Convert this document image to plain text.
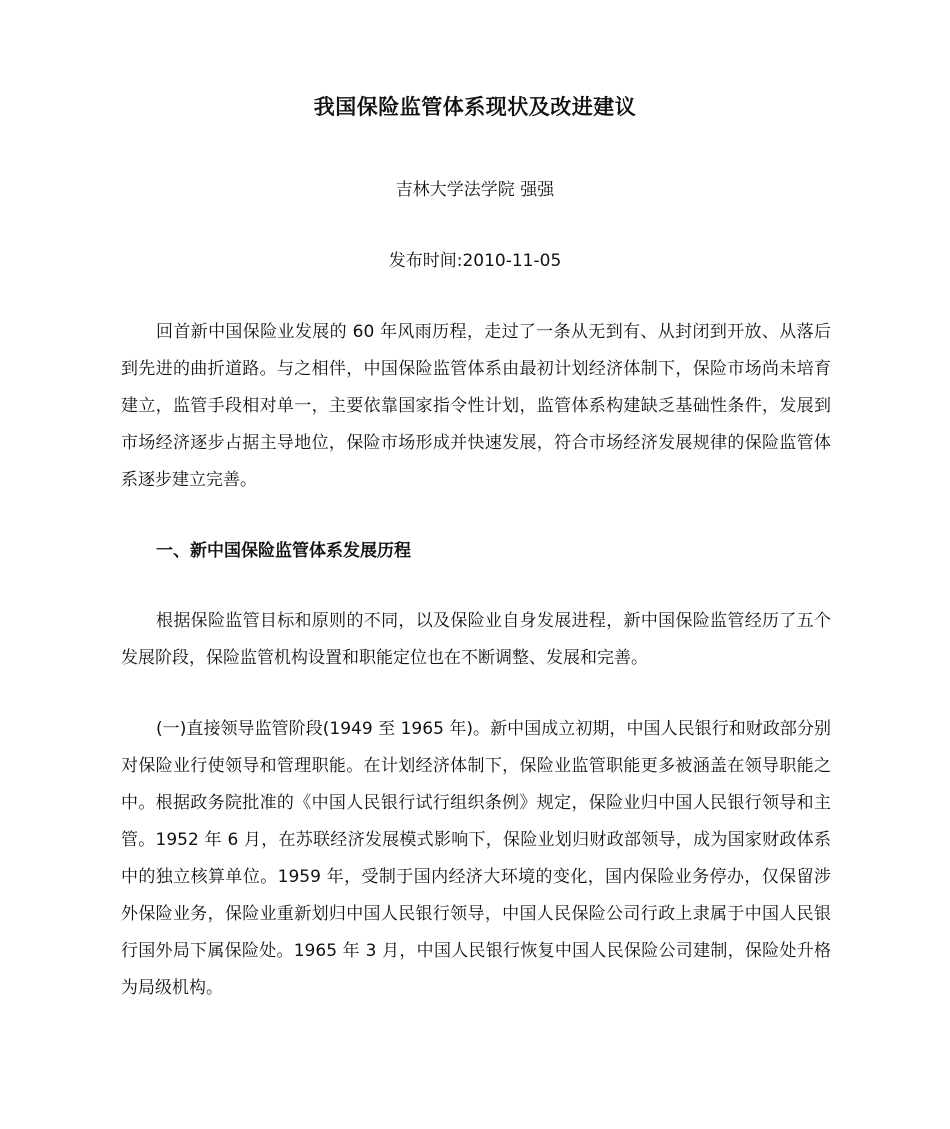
我国保险监管体系现状及改进建议
吉林大学法学院 强强
发布时间:2010-11-05

回首新中国保险业发展的 60 年风雨历程，走过了一条从无到有、从封闭到开放、从落后到先进的曲折道路。与之相伴，中国保险监管体系由最初计划经济体制下，保险市场尚未培育建立，监管手段相对单一，主要依靠国家指令性计划，监管体系构建缺乏基础性条件，发展到市场经济逐步占据主导地位，保险市场形成并快速发展，符合市场经济发展规律的保险监管体系逐步建立完善。

一、新中国保险监管体系发展历程

根据保险监管目标和原则的不同，以及保险业自身发展进程，新中国保险监管经历了五个发展阶段，保险监管机构设置和职能定位也在不断调整、发展和完善。

(一)直接领导监管阶段(1949 至 1965 年)。新中国成立初期，中国人民银行和财政部分别对保险业行使领导和管理职能。在计划经济体制下，保险业监管职能更多被涵盖在领导职能之中。根据政务院批准的《中国人民银行试行组织条例》规定，保险业归中国人民银行领导和主管。1952 年 6 月，在苏联经济发展模式影响下，保险业划归财政部领导，成为国家财政体系中的独立核算单位。1959 年，受制于国内经济大环境的变化，国内保险业务停办，仅保留涉外保险业务，保险业重新划归中国人民银行领导，中国人民保险公司行政上隶属于中国人民银行国外局下属保险处。1965 年 3 月，中国人民银行恢复中国人民保险公司建制，保险处升格为局级机构。
